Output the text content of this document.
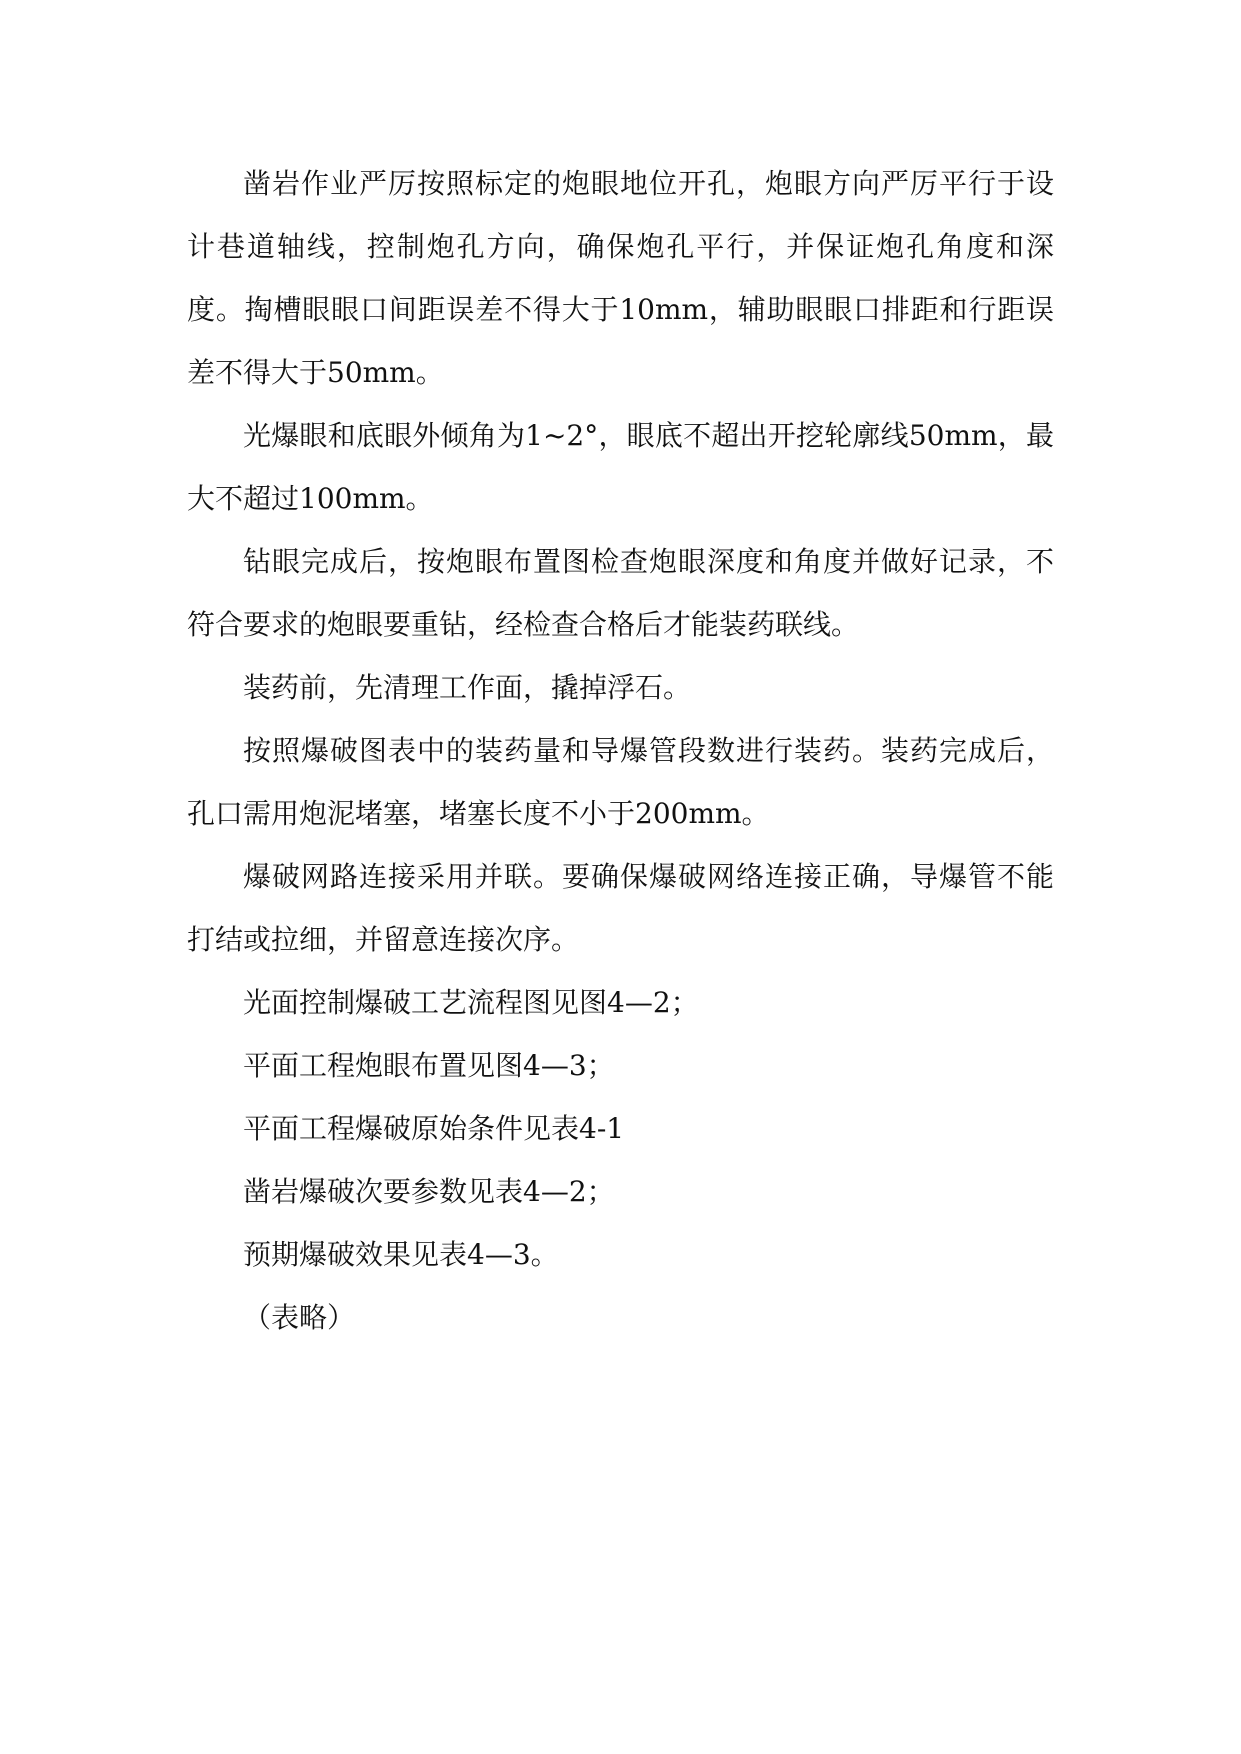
凿岩作业严厉按照标定的炮眼地位开孔，炮眼方向严厉平行于设计巷道轴线，控制炮孔方向，确保炮孔平行，并保证炮孔角度和深度。掏槽眼眼口间距误差不得大于10mm，辅助眼眼口排距和行距误差不得大于50mm。

光爆眼和底眼外倾角为1~2°，眼底不超出开挖轮廓线50mm，最大不超过100mm。

钻眼完成后，按炮眼布置图检查炮眼深度和角度并做好记录，不符合要求的炮眼要重钻，经检查合格后才能装药联线。

装药前，先清理工作面，撬掉浮石。

按照爆破图表中的装药量和导爆管段数进行装药。装药完成后，孔口需用炮泥堵塞，堵塞长度不小于200mm。

爆破网路连接采用并联。要确保爆破网络连接正确，导爆管不能打结或拉细，并留意连接次序。

光面控制爆破工艺流程图见图4—2；

平面工程炮眼布置见图4—3；

平面工程爆破原始条件见表4-1

凿岩爆破次要参数见表4—2；

预期爆破效果见表4—3。

（表略）
